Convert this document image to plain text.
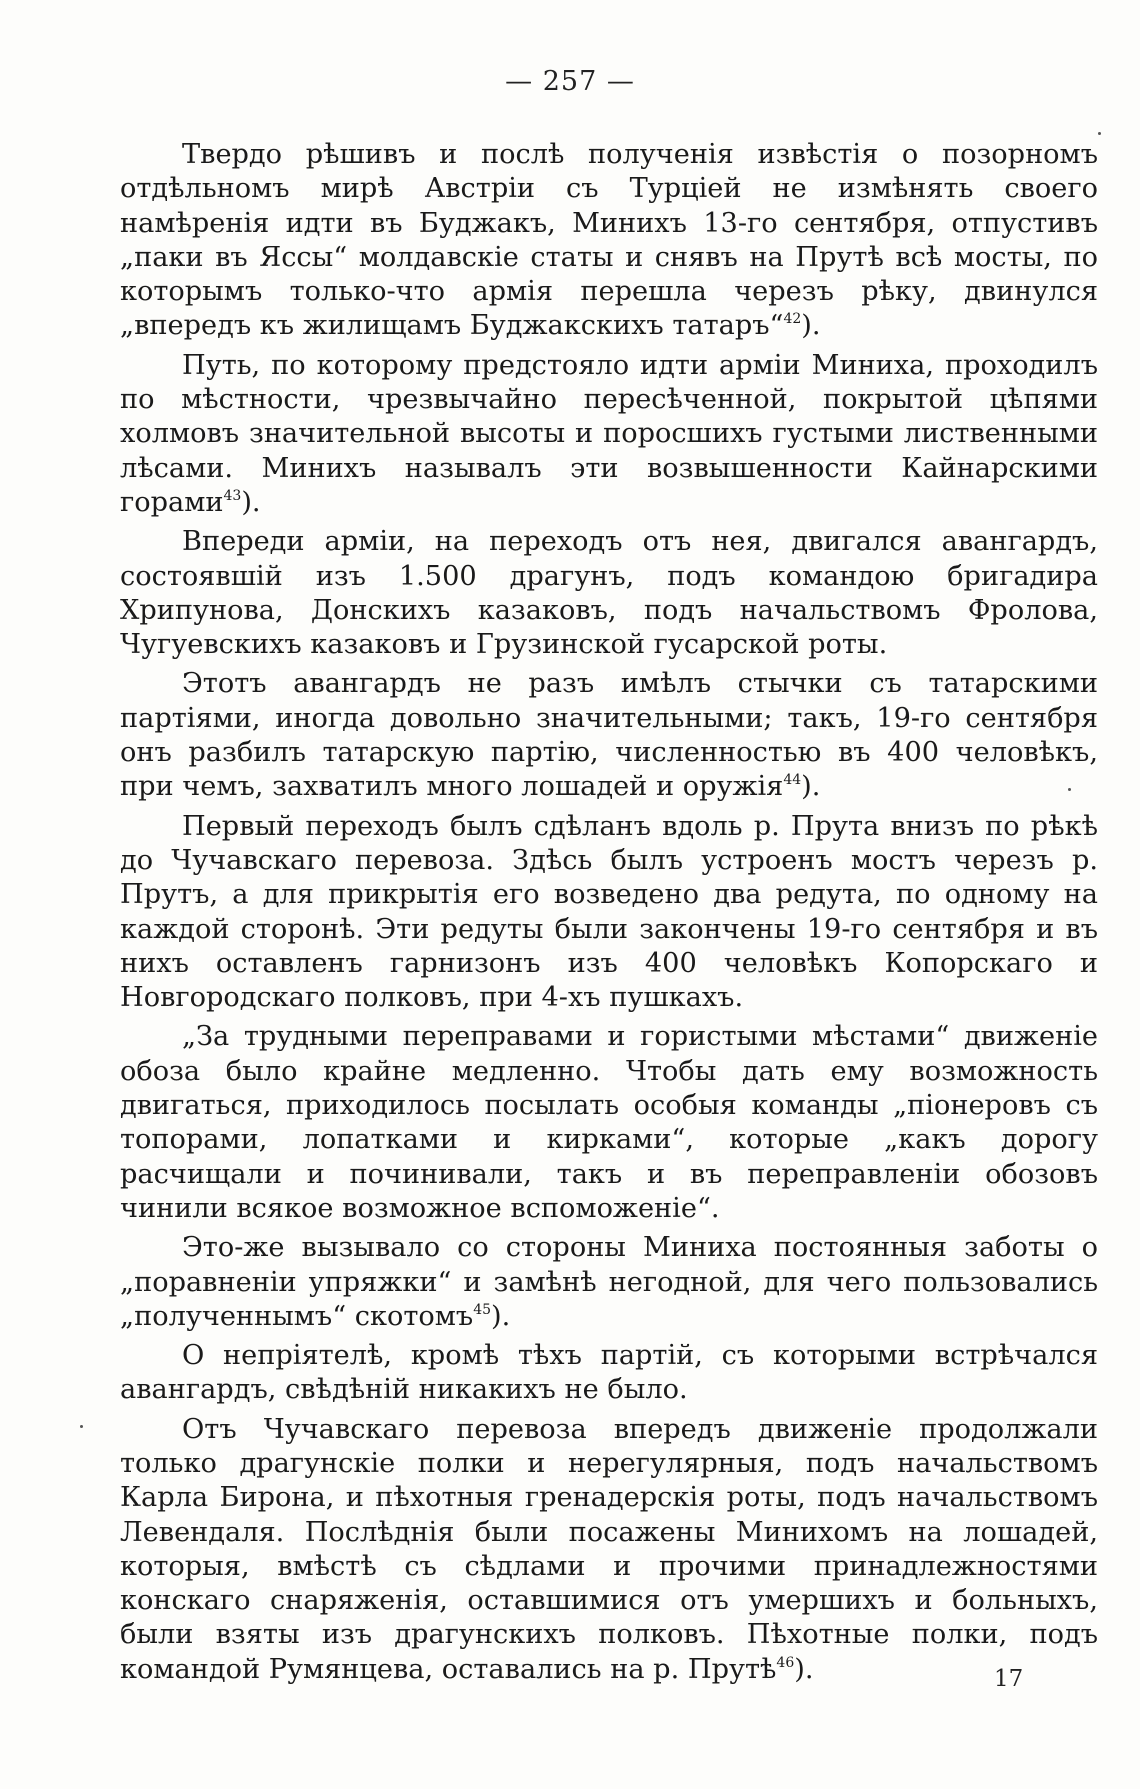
— 257 —

Твердо рѣшивъ и послѣ полученія извѣстія о позорномъ отдѣльномъ мирѣ Австріи съ Турціей не измѣнять своего намѣренія идти въ Буджакъ, Минихъ 13-го сентября, отпустивъ „паки въ Яссы“ молдавскіе статы и снявъ на Прутѣ всѣ мосты, по которымъ только-что армія перешла черезъ рѣку, двинулся „впередъ къ жилищамъ Буджакскихъ татаръ“$^{42}$).

Путь, по которому предстояло идти арміи Миниха, проходилъ по мѣстности, чрезвычайно пересѣченной, покрытой цѣпями холмовъ значительной высоты и поросшихъ густыми лиственными лѣсами. Минихъ называлъ эти возвышенности Кайнарскими горами$^{43}$).

Впереди арміи, на переходъ отъ нея, двигался авангардъ, состоявшій изъ 1.500 драгунъ, подъ командою бригадира Хрипунова, Донскихъ казаковъ, подъ начальствомъ Фролова, Чугуевскихъ казаковъ и Грузинской гусарской роты.

Этотъ авангардъ не разъ имѣлъ стычки съ татарскими партіями, иногда довольно значительными; такъ, 19-го сентября онъ разбилъ татарскую партію, численностью въ 400 человѣкъ, при чемъ, захватилъ много лошадей и оружія$^{44}$).

Первый переходъ былъ сдѣланъ вдоль р. Прута внизъ по рѣкѣ до Чучавскаго перевоза. Здѣсь былъ устроенъ мостъ черезъ р. Прутъ, а для прикрытія его возведено два редута, по одному на каждой сторонѣ. Эти редуты были закончены 19-го сентября и въ нихъ оставленъ гарнизонъ изъ 400 человѣкъ Копорскаго и Новгородскаго полковъ, при 4-хъ пушкахъ.

„За трудными переправами и гористыми мѣстами“ движеніе обоза было крайне медленно. Чтобы дать ему возможность двигаться, приходилось посылать особыя команды „піонеровъ съ топорами, лопатками и кирками“, которые „какъ дорогу расчищали и починивали, такъ и въ переправленіи обозовъ чинили всякое возможное вспоможеніе“.

Это-же вызывало со стороны Миниха постоянныя заботы о „поравненіи упряжки“ и замѣнѣ негодной, для чего пользовались „полученнымъ“ скотомъ$^{45}$).

О непріятелѣ, кромѣ тѣхъ партій, съ которыми встрѣчался авангардъ, свѣдѣній никакихъ не было.

Отъ Чучавскаго перевоза впередъ движеніе продолжали только драгунскіе полки и нерегулярныя, подъ начальствомъ Карла Бирона, и пѣхотныя гренадерскія роты, подъ начальствомъ Левендаля. Послѣднія были посажены Минихомъ на лошадей, которыя, вмѣстѣ съ сѣдлами и прочими принадлежностями конскаго снаряженія, оставшимися отъ умершихъ и больныхъ, были взяты изъ драгунскихъ полковъ. Пѣхотные полки, подъ командой Румянцева, оставались на р. Прутѣ$^{46}$).	17
